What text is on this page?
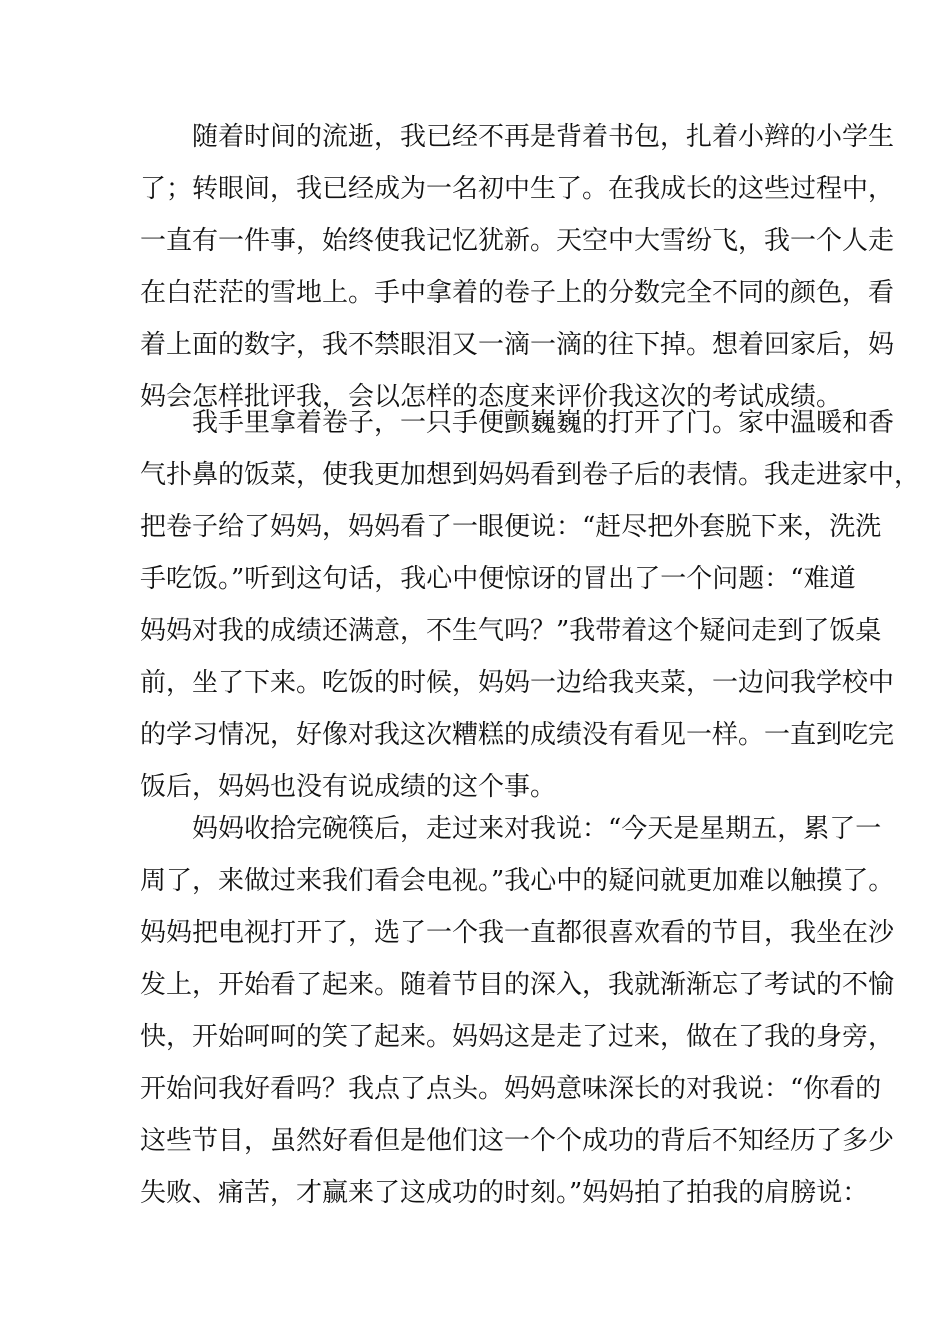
　　随着时间的流逝，我已经不再是背着书包，扎着小辫的小学生
了；转眼间，我已经成为一名初中生了。在我成长的这些过程中，
一直有一件事，始终使我记忆犹新。天空中大雪纷飞，我一个人走
在白茫茫的雪地上。手中拿着的卷子上的分数完全不同的颜色，看
着上面的数字，我不禁眼泪又一滴一滴的往下掉。想着回家后，妈
妈会怎样批评我，会以怎样的态度来评价我这次的考试成绩。
　　我手里拿着卷子，一只手便颤巍巍的打开了门。家中温暖和香
气扑鼻的饭菜，使我更加想到妈妈看到卷子后的表情。我走进家中，
把卷子给了妈妈，妈妈看了一眼便说：“赶尽把外套脱下来，洗洗
手吃饭。”听到这句话，我心中便惊讶的冒出了一个问题：“难道
妈妈对我的成绩还满意，不生气吗？”我带着这个疑问走到了饭桌
前，坐了下来。吃饭的时候，妈妈一边给我夹菜，一边问我学校中
的学习情况，好像对我这次糟糕的成绩没有看见一样。一直到吃完
饭后，妈妈也没有说成绩的这个事。
　　妈妈收拾完碗筷后，走过来对我说：“今天是星期五，累了一
周了，来做过来我们看会电视。”我心中的疑问就更加难以触摸了。
妈妈把电视打开了，选了一个我一直都很喜欢看的节目，我坐在沙
发上，开始看了起来。随着节目的深入，我就渐渐忘了考试的不愉
快，开始呵呵的笑了起来。妈妈这是走了过来，做在了我的身旁，
开始问我好看吗？我点了点头。妈妈意味深长的对我说：“你看的
这些节目，虽然好看但是他们这一个个成功的背后不知经历了多少
失败、痛苦，才赢来了这成功的时刻。”妈妈拍了拍我的肩膀说：
